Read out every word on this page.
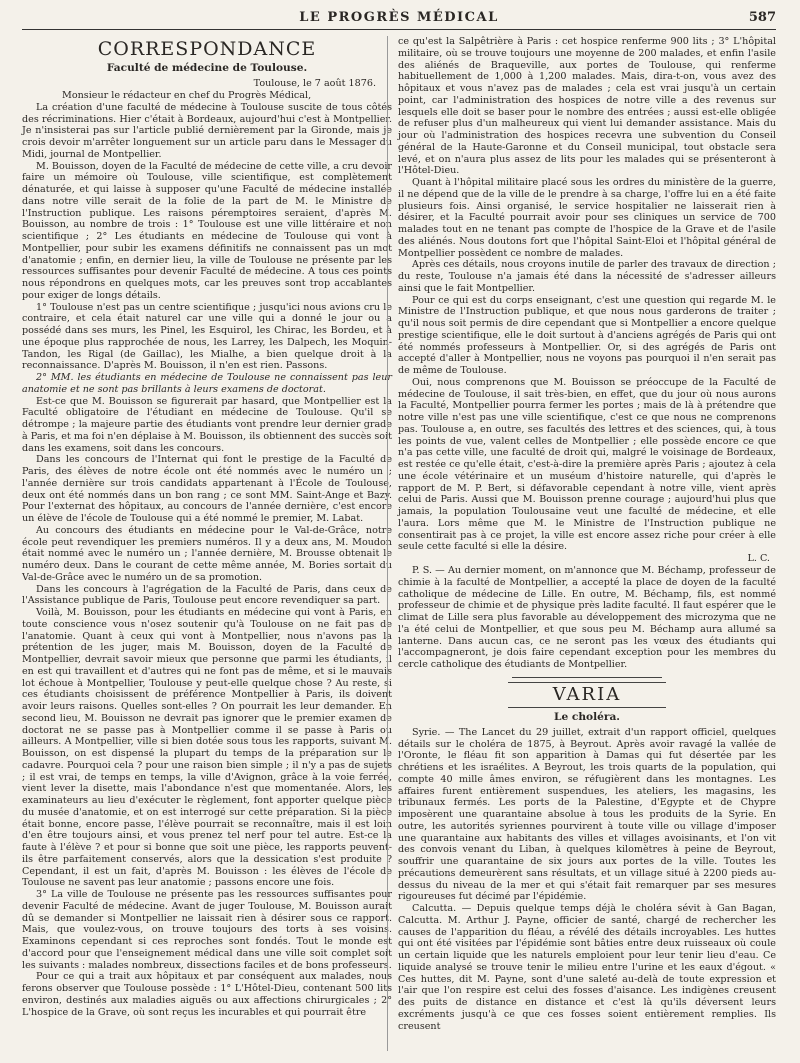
LE PROGRÈS MÉDICAL	587
CORRESPONDANCE
Faculté de médecine de Toulouse.
Toulouse, le 7 août 1876.

Monsieur le rédacteur en chef du Progrès Médical,

La création d'une faculté de médecine à Toulouse suscite de tous côtés des récriminations. Hier c'était à Bordeaux, aujourd'hui c'est à Montpellier. Je n'insisterai pas sur l'article publié dernièrement par la Gironde, mais je crois devoir m'arrêter longuement sur un article paru dans le Messager du Midi, journal de Montpellier.

M. Bouisson, doyen de la Faculté de médecine de cette ville, a cru devoir faire un mémoire où Toulouse, ville scientifique, est complètement dénaturée, et qui laisse à supposer qu'une Faculté de médecine installée dans notre ville serait de la folie de la part de M. le Ministre de l'Instruction publique. Les raisons péremptoires seraient, d'après M. Bouisson, au nombre de trois : 1° Toulouse est une ville littéraire et non scientifique ; 2° Les étudiants en médecine de Toulouse qui vont à Montpellier, pour subir les examens définitifs ne connaissent pas un mot d'anatomie ; enfin, en dernier lieu, la ville de Toulouse ne présente par les ressources suffisantes pour devenir Faculté de médecine. A tous ces points nous répondrons en quelques mots, car les preuves sont trop accablantes pour exiger de longs détails.

1° Toulouse n'est pas un centre scientifique ; jusqu'ici nous avions cru le contraire, et cela était naturel car une ville qui a donné le jour ou a possédé dans ses murs, les Pinel, les Esquirol, les Chirac, les Bordeu, et à une époque plus rapprochée de nous, les Larrey, les Dalpech, les Moquin-Tandon, les Rigal (de Gaillac), les Mialhe, a bien quelque droit à la reconnaissance. D'après M. Bouisson, il n'en est rien. Passons.

2° MM. les étudiants en médecine de Toulouse ne connaissent pas leur anatomie et ne sont pas brillants à leurs examens de doctorat.

Est-ce que M. Bouisson se figurerait par hasard, que Montpellier est la Faculté obligatoire de l'étudiant en médecine de Toulouse. Qu'il se détrompe ; la majeure partie des étudiants vont prendre leur dernier grade à Paris, et ma foi n'en déplaise à M. Bouisson, ils obtiennent des succès soit dans les examens, soit dans les concours.

Dans les concours de l'Internat qui font le prestige de la Faculté de Paris, des élèves de notre école ont été nommés avec le numéro un ; l'année dernière sur trois candidats appartenant à l'École de Toulouse, deux ont été nommés dans un bon rang ; ce sont MM. Saint-Ange et Bazy. Pour l'externat des hôpitaux, au concours de l'année dernière, c'est encore un élève de l'école de Toulouse qui a été nommé le premier, M. Labat.

Au concours des étudiants en médecine pour le Val-de-Grâce, notre école peut revendiquer les premiers numéros. Il y a deux ans, M. Moudon était nommé avec le numéro un ; l'année dernière, M. Brousse obtenait le numéro deux. Dans le courant de cette même année, M. Bories sortait du Val-de-Grâce avec le numéro un de sa promotion.

Dans les concours à l'agrégation de la Faculté de Paris, dans ceux de l'Assistance publique de Paris, Toulouse peut encore revendiquer sa part.

Voilà, M. Bouisson, pour les étudiants en médecine qui vont à Paris, en toute conscience vous n'osez soutenir qu'à Toulouse on ne fait pas de l'anatomie. Quant à ceux qui vont à Montpellier, nous n'avons pas la prétention de les juger, mais M. Bouisson, doyen de la Faculté de Montpellier, devrait savoir mieux que personne que parmi les étudiants, il en est qui travaillent et d'autres qui ne font pas de même, et si le mauvais lot échoue à Montpellier, Toulouse y peut-elle quelque chose ? Au reste, si ces étudiants choisissent de préférence Montpellier à Paris, ils doivent avoir leurs raisons. Quelles sont-elles ? On pourrait les leur demander. En second lieu, M. Bouisson ne devrait pas ignorer que le premier examen de doctorat ne se passe pas à Montpellier comme il se passe à Paris ou ailleurs. A Montpellier, ville si bien dotée sous tous les rapports, suivant M. Bouisson, on est dispensé la plupart du temps de la préparation sur le cadavre. Pourquoi cela ? pour une raison bien simple ; il n'y a pas de sujets ; il est vrai, de temps en temps, la ville d'Avignon, grâce à la voie ferrée, vient lever la disette, mais l'abondance n'est que momentanée. Alors, les examinateurs au lieu d'exécuter le règlement, font apporter quelque pièce du musée d'anatomie, et on est interrogé sur cette préparation. Si la pièce était bonne, encore passe, l'élève pourrait se reconnaître, mais il est loin d'en être toujours ainsi, et vous prenez tel nerf pour tel autre. Est-ce la faute à l'élève ? et pour si bonne que soit une pièce, les rapports peuvent-ils être parfaitement conservés, alors que la dessication s'est produite ? Cependant, il est un fait, d'après M. Bouisson : les élèves de l'école de Toulouse ne savent pas leur anatomie ; passons encore une fois.

3° La ville de Toulouse ne présente pas les ressources suffisantes pour devenir Faculté de médecine. Avant de juger Toulouse, M. Bouisson aurait dû se demander si Montpellier ne laissait rien à désirer sous ce rapport. Mais, que voulez-vous, on trouve toujours des torts à ses voisins. Examinons cependant si ces reproches sont fondés. Tout le monde est d'accord pour que l'enseignement médical dans une ville soit complet soit les suivants : malades nombreux, dissections faciles et de bons professeurs.

Pour ce qui a trait aux hôpitaux et par conséquent aux malades, nous ferons observer que Toulouse possède : 1° L'Hôtel-Dieu, contenant 500 lits environ, destinés aux maladies aiguës ou aux affections chirurgicales ; 2° L'hospice de la Grave, où sont reçus les incurables et qui pourrait être

ce qu'est la Salpêtrière à Paris : cet hospice renferme 900 lits ; 3° L'hôpital militaire, où se trouve toujours une moyenne de 200 malades, et enfin l'asile des aliénés de Braqueville, aux portes de Toulouse, qui renferme habituellement de 1,000 à 1,200 malades. Mais, dira-t-on, vous avez des hôpitaux et vous n'avez pas de malades ; cela est vrai jusqu'à un certain point, car l'administration des hospices de notre ville a des revenus sur lesquels elle doit se baser pour le nombre des entrées ; aussi est-elle obligée de refuser plus d'un malheureux qui vient lui demander assistance. Mais du jour où l'administration des hospices recevra une subvention du Conseil général de la Haute-Garonne et du Conseil municipal, tout obstacle sera levé, et on n'aura plus assez de lits pour les malades qui se présenteront à l'Hôtel-Dieu.

Quant à l'hôpital militaire placé sous les ordres du ministère de la guerre, il ne dépend que de la ville de le prendre à sa charge, l'offre lui en a été faite plusieurs fois. Ainsi organisé, le service hospitalier ne laisserait rien à désirer, et la Faculté pourrait avoir pour ses cliniques un service de 700 malades tout en ne tenant pas compte de l'hospice de la Grave et de l'asile des aliénés. Nous doutons fort que l'hôpital Saint-Eloi et l'hôpital général de Montpellier possèdent ce nombre de malades.

Après ces détails, nous croyons inutile de parler des travaux de direction ; du reste, Toulouse n'a jamais été dans la nécessité de s'adresser ailleurs ainsi que le fait Montpellier.

Pour ce qui est du corps enseignant, c'est une question qui regarde M. le Ministre de l'Instruction publique, et que nous nous garderons de traiter ; qu'il nous soit permis de dire cependant que si Montpellier a encore quelque prestige scientifique, elle le doit surtout à d'anciens agrégés de Paris qui ont été nommés professeurs à Montpellier. Or, si des agrégés de Paris ont accepté d'aller à Montpellier, nous ne voyons pas pourquoi il n'en serait pas de même de Toulouse.

Oui, nous comprenons que M. Bouisson se préoccupe de la Faculté de médecine de Toulouse, il sait très-bien, en effet, que du jour où nous aurons la Faculté, Montpellier pourra fermer les portes ; mais de là à prétendre que notre ville n'est pas une ville scientifique, c'est ce que nous ne comprenons pas. Toulouse a, en outre, ses facultés des lettres et des sciences, qui, à tous les points de vue, valent celles de Montpellier ; elle possède encore ce que n'a pas cette ville, une faculté de droit qui, malgré le voisinage de Bordeaux, est restée ce qu'elle était, c'est-à-dire la première après Paris ; ajoutez à cela une école vétérinaire et un muséum d'histoire naturelle, qui d'après le rapport de M. P. Bert, si défavorable cependant à notre ville, vient après celui de Paris. Aussi que M. Bouisson prenne courage ; aujourd'hui plus que jamais, la population Toulousaine veut une faculté de médecine, et elle l'aura. Lors même que M. le Ministre de l'Instruction publique ne consentirait pas à ce projet, la ville est encore assez riche pour créer à elle seule cette faculté si elle la désire.

L. C.

P. S. — Au dernier moment, on m'annonce que M. Béchamp, professeur de chimie à la faculté de Montpellier, a accepté la place de doyen de la faculté catholique de médecine de Lille. En outre, M. Béchamp, fils, est nommé professeur de chimie et de physique près ladite faculté. Il faut espérer que le climat de Lille sera plus favorable au développement des microzyma que ne l'a été celui de Montpellier, et que sous peu M. Béchamp aura allumé sa lanterne. Dans aucun cas, ce ne seront pas les vœux des étudiants qui l'accompagneront, je dois faire cependant exception pour les membres du cercle catholique des étudiants de Montpellier.

VARIA
Le choléra.

Syrie. — The Lancet du 29 juillet, extrait d'un rapport officiel, quelques détails sur le choléra de 1875, à Beyrout. Après avoir ravagé la vallée de l'Oronte, le fléau fit son apparition à Damas qui fut désertée par les chrétiens et les israélites. A Beyrout, les trois quarts de la population, qui compte 40 mille âmes environ, se réfugièrent dans les montagnes. Les affaires furent entièrement suspendues, les ateliers, les magasins, les tribunaux fermés. Les ports de la Palestine, d'Egypte et de Chypre imposèrent une quarantaine absolue à tous les produits de la Syrie. En outre, les autorités syriennes pourvirent à toute ville ou village d'imposer une quarantaine aux habitants des villes et villages avoisinants, et l'on vit des convois venant du Liban, à quelques kilomètres à peine de Beyrout, souffrir une quarantaine de six jours aux portes de la ville. Toutes les précautions demeurèrent sans résultats, et un village situé à 2200 pieds au-dessus du niveau de la mer et qui s'était fait remarquer par ses mesures rigoureuses fut décimé par l'épidémie.

Calcutta. — Depuis quelque temps déjà le choléra sévit à Gan Bagan, Calcutta. M. Arthur J. Payne, officier de santé, chargé de rechercher les causes de l'apparition du fléau, a révélé des détails incroyables. Les huttes qui ont été visitées par l'épidémie sont bâties entre deux ruisseaux où coule un certain liquide que les naturels emploient pour leur tenir lieu d'eau. Ce liquide analysé se trouve tenir le milieu entre l'urine et les eaux d'égout. « Ces huttes, dit M. Payne, sont d'une saleté au-delà de toute expression et l'air que l'on respire est celui des fosses d'aisance. Les indigènes creusent des puits de distance en distance et c'est là qu'ils déversent leurs excréments jusqu'à ce que ces fosses soient entièrement remplies. Ils creusent
